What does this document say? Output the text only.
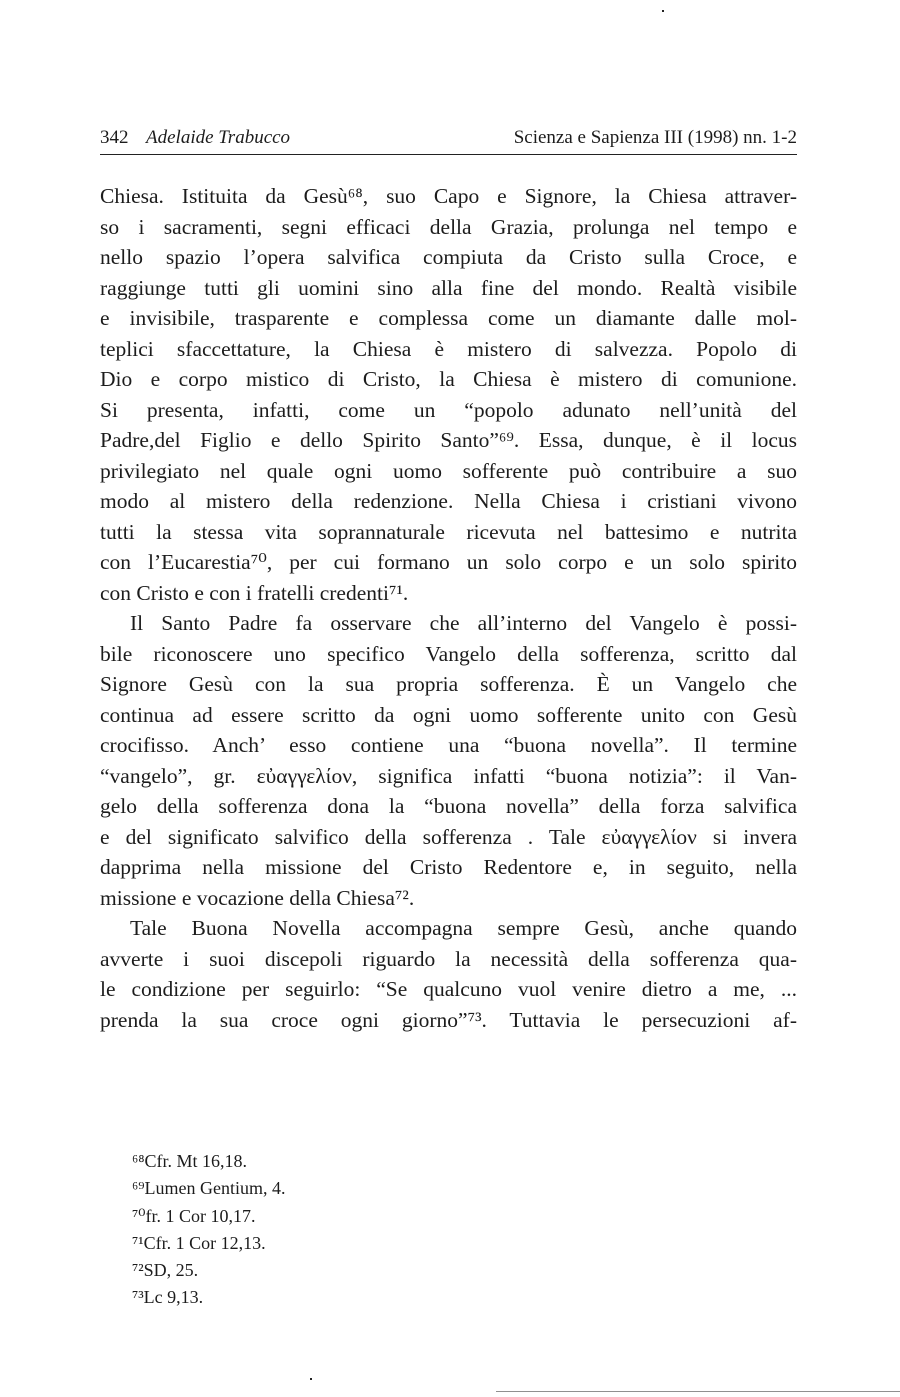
342 Adelaide Trabucco	Scienza e Sapienza III (1998) nn. 1-2
Chiesa. Istituita da Gesù⁶⁸, suo Capo e Signore, la Chiesa attraver-
so i sacramenti, segni efficaci della Grazia, prolunga nel tempo e
nello spazio l’opera salvifica compiuta da Cristo sulla Croce, e
raggiunge tutti gli uomini sino alla fine del mondo. Realtà visibile
e invisibile, trasparente e complessa come un diamante dalle mol-
teplici sfaccettature, la Chiesa è mistero di salvezza. Popolo di
Dio e corpo mistico di Cristo, la Chiesa è mistero di comunione.
Si presenta, infatti, come un “popolo adunato nell’unità del
Padre,del Figlio e dello Spirito Santo”⁶⁹. Essa, dunque, è il locus
privilegiato nel quale ogni uomo sofferente può contribuire a suo
modo al mistero della redenzione. Nella Chiesa i cristiani vivono
tutti la stessa vita soprannaturale ricevuta nel battesimo e nutrita
con l’Eucarestia⁷⁰, per cui formano un solo corpo e un solo spirito
con Cristo e con i fratelli credenti⁷¹.
Il Santo Padre fa osservare che all’interno del Vangelo è possi-
bile riconoscere uno specifico Vangelo della sofferenza, scritto dal
Signore Gesù con la sua propria sofferenza. È un Vangelo che
continua ad essere scritto da ogni uomo sofferente unito con Gesù
crocifisso. Anch’ esso contiene una “buona novella”. Il termine
“vangelo”, gr. εὐαγγελίον, significa infatti “buona notizia”: il Van-
gelo della sofferenza dona la “buona novella” della forza salvifica
e del significato salvifico della sofferenza . Tale εὐαγγελίον si invera
dapprima nella missione del Cristo Redentore e, in seguito, nella
missione e vocazione della Chiesa⁷².
Tale Buona Novella accompagna sempre Gesù, anche quando
avverte i suoi discepoli riguardo la necessità della sofferenza qua-
le condizione per seguirlo: “Se qualcuno vuol venire dietro a me, ...
prenda la sua croce ogni giorno”⁷³. Tuttavia le persecuzioni af-
⁶⁸Cfr. Mt 16,18.
⁶⁹Lumen Gentium, 4.
⁷⁰fr. 1 Cor 10,17.
⁷¹Cfr. 1 Cor 12,13.
⁷²SD, 25.
⁷³Lc 9,13.
